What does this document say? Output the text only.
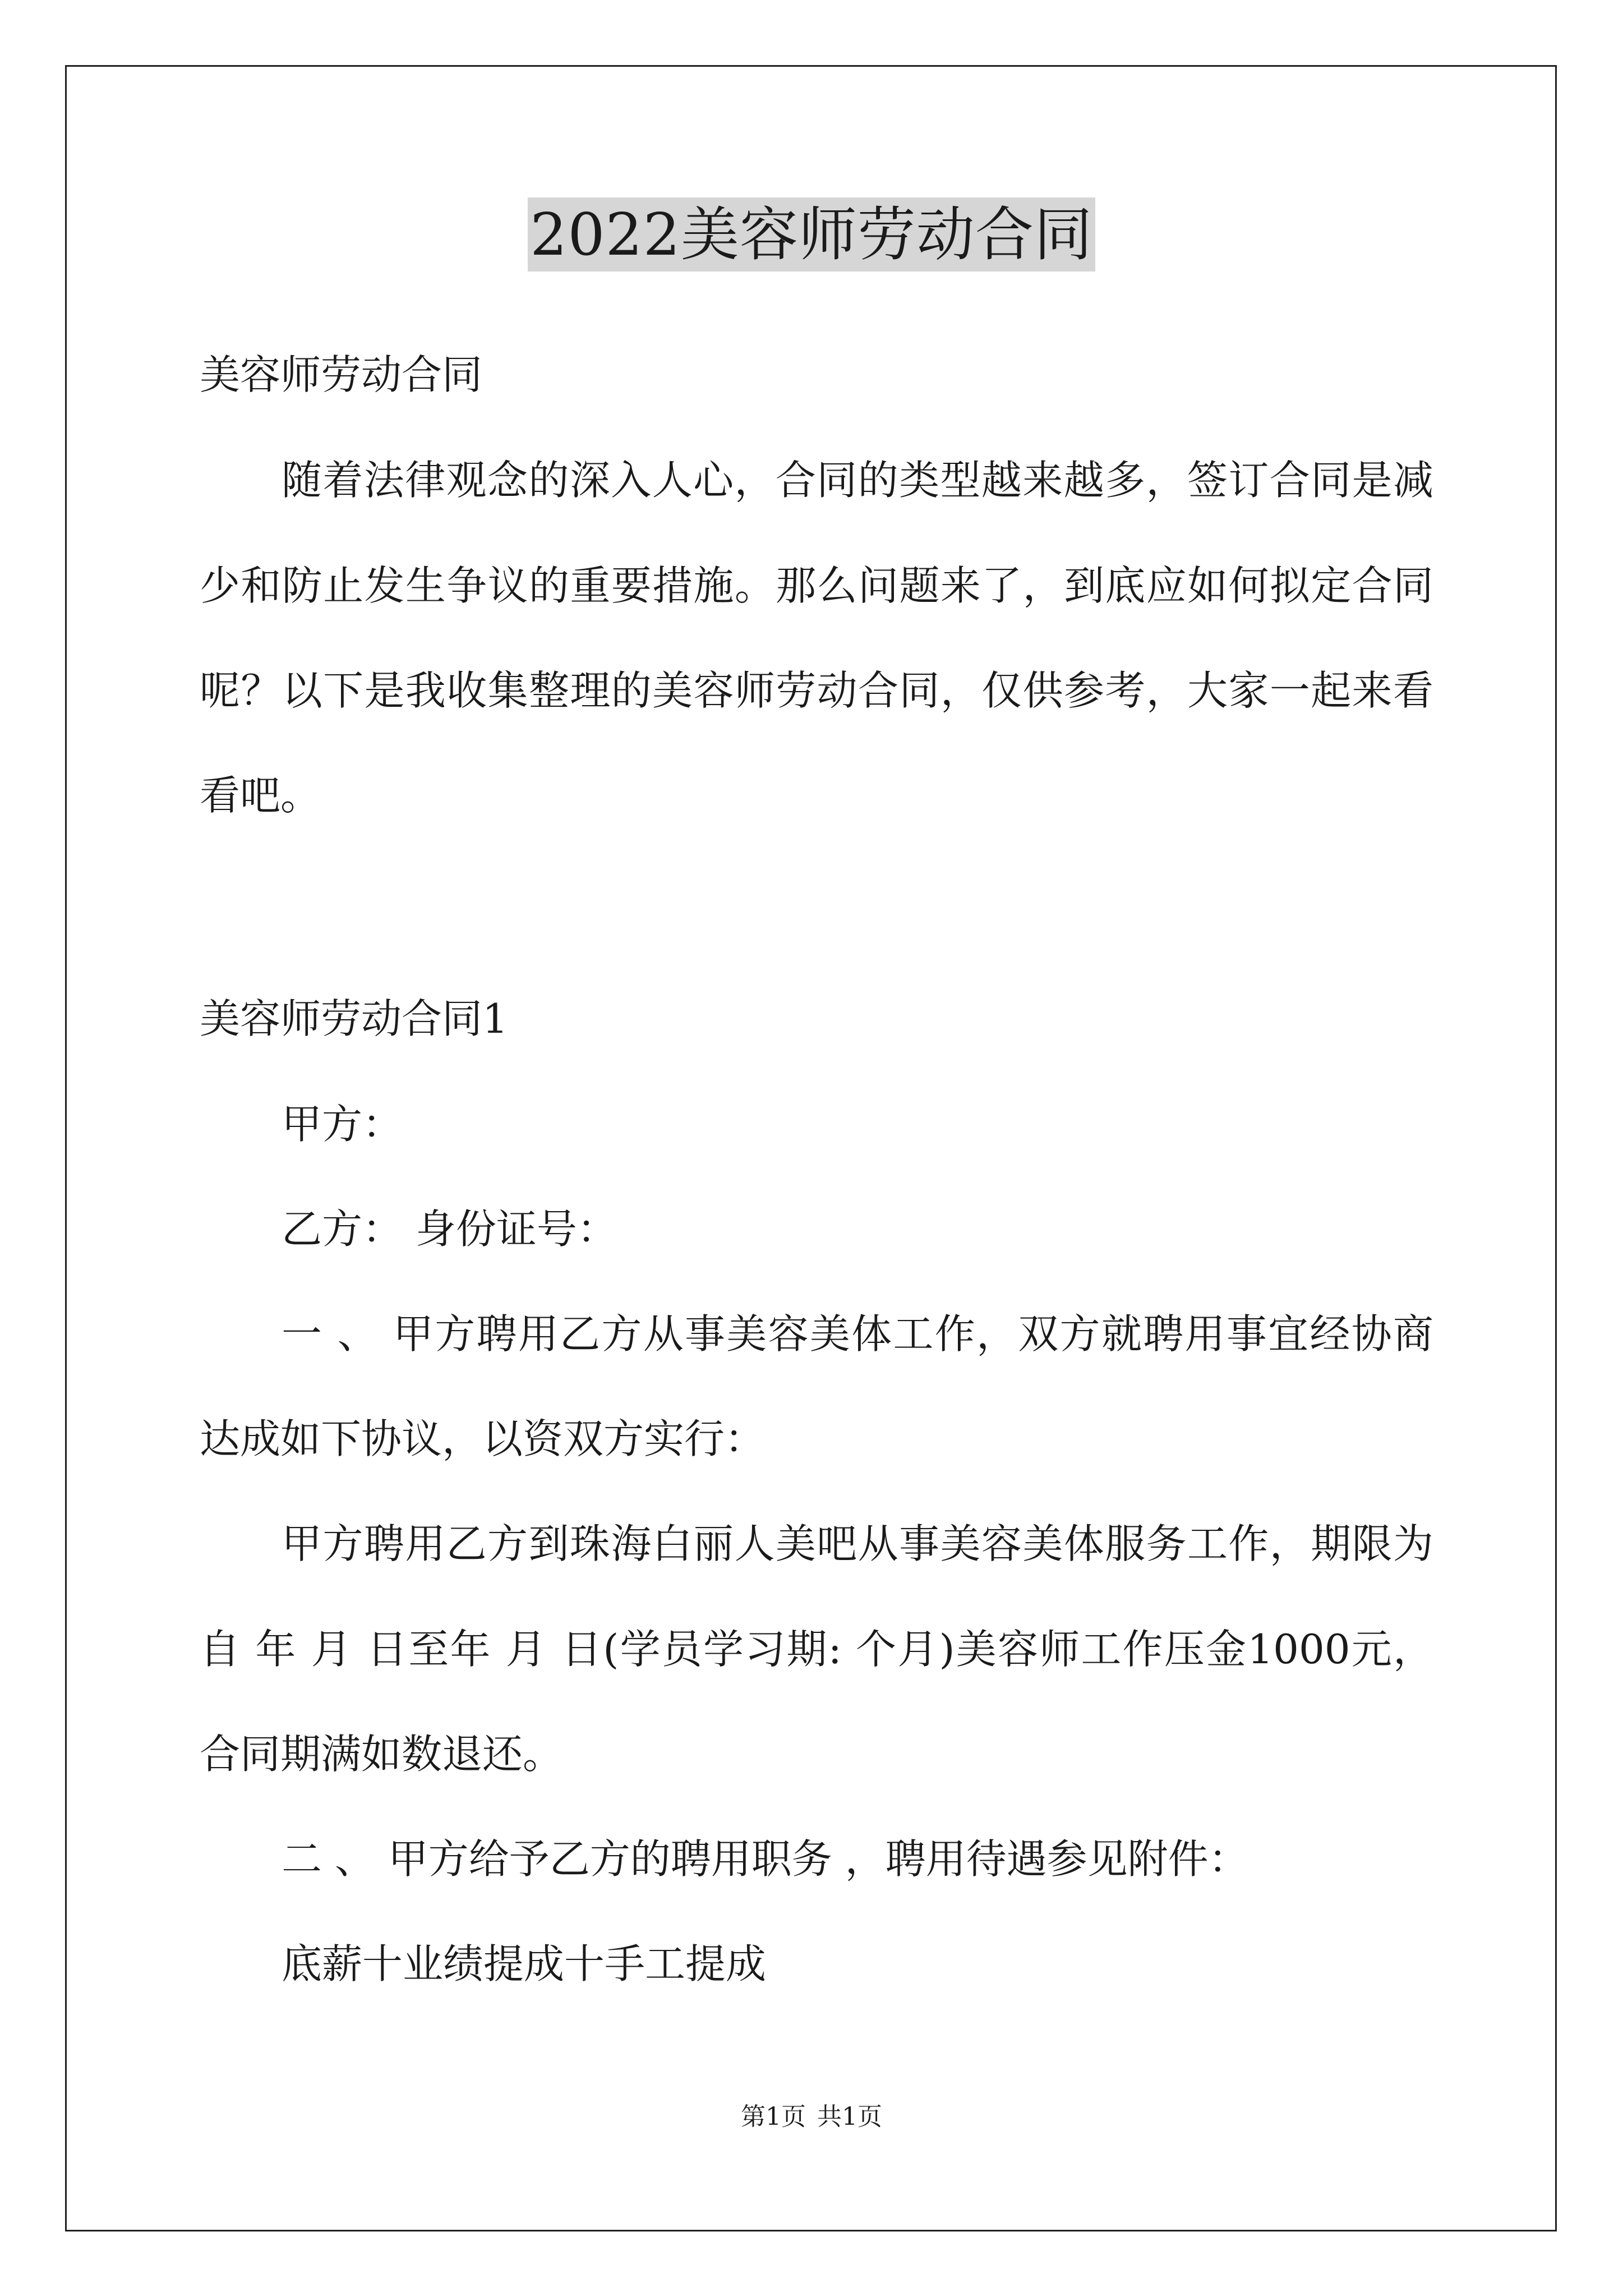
2022美容师劳动合同
美容师劳动合同
随着法律观念的深入人心，合同的类型越来越多，签订合同是减
少和防止发生争议的重要措施。那么问题来了，到底应如何拟定合同
呢？以下是我收集整理的美容师劳动合同，仅供参考，大家一起来看
看吧。
美容师劳动合同1
甲方：
乙方： 身份证号：
一 、 甲方聘用乙方从事美容美体工作，双方就聘用事宜经协商
达成如下协议，以资双方实行：
甲方聘用乙方到珠海白丽人美吧从事美容美体服务工作，期限为
自 年 月 日至年 月 日(学员学习期: 个月)美容师工作压金1000元，
合同期满如数退还。
二 、 甲方给予乙方的聘用职务 ，聘用待遇参见附件：
底薪十业绩提成十手工提成
第1页 共1页
